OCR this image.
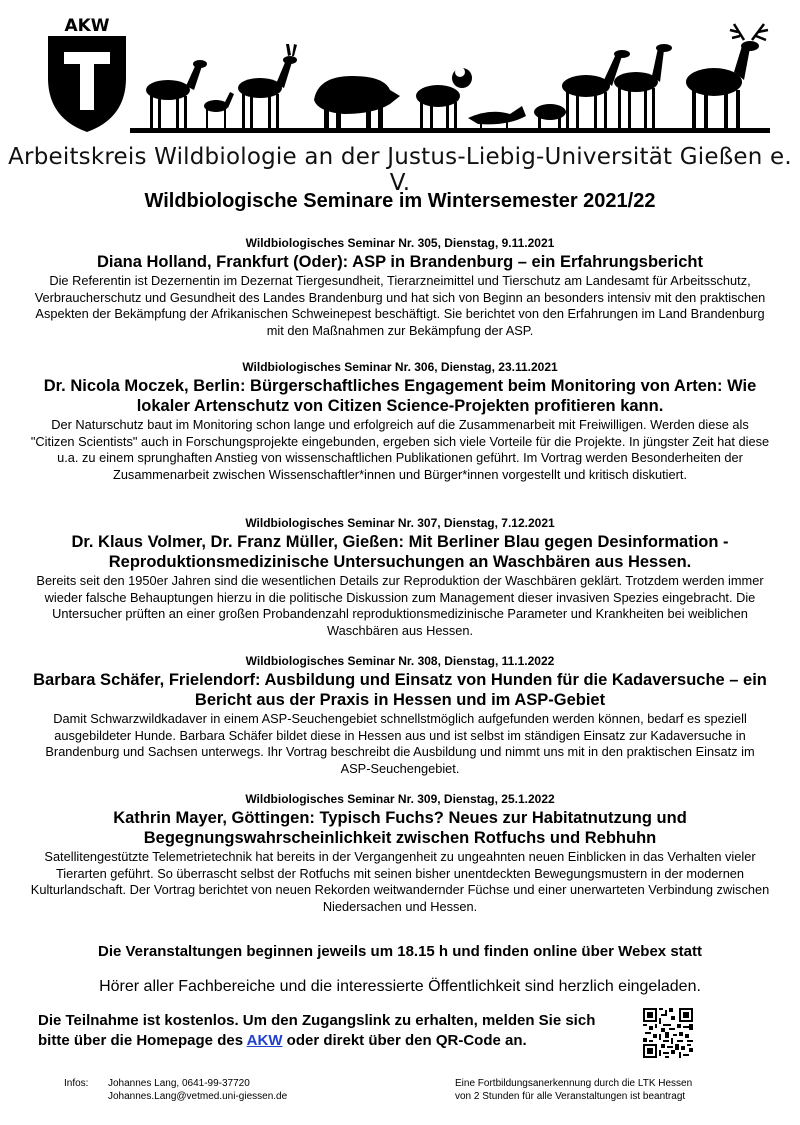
AKW
Arbeitskreis Wildbiologie an der Justus-Liebig-Universität Gießen e. V.
Wildbiologische Seminare im Wintersemester 2021/22
Wildbiologisches Seminar Nr. 305, Dienstag, 9.11.2021
Diana Holland, Frankfurt (Oder): ASP in Brandenburg – ein Erfahrungsbericht
Die Referentin ist Dezernentin im Dezernat Tiergesundheit, Tierarzneimittel und Tierschutz am Landesamt für Arbeitsschutz, Verbraucherschutz und Gesundheit des Landes Brandenburg und hat sich von Beginn an besonders intensiv mit den praktischen Aspekten der Bekämpfung der Afrikanischen Schweinepest beschäftigt. Sie berichtet von den Erfahrungen im Land Brandenburg mit den Maßnahmen zur Bekämpfung der ASP.
Wildbiologisches Seminar Nr. 306, Dienstag, 23.11.2021
Dr. Nicola Moczek, Berlin: Bürgerschaftliches Engagement beim Monitoring von Arten: Wie lokaler Artenschutz von Citizen Science-Projekten profitieren kann.
Der Naturschutz baut im Monitoring schon lange und erfolgreich auf die Zusammenarbeit mit Freiwilligen. Werden diese als "Citizen Scientists" auch in Forschungsprojekte eingebunden, ergeben sich viele Vorteile für die Projekte. In jüngster Zeit hat diese u.a. zu einem sprunghaften Anstieg von wissenschaftlichen Publikationen geführt. Im Vortrag werden Besonderheiten der Zusammenarbeit zwischen Wissenschaftler*innen und Bürger*innen vorgestellt und kritisch diskutiert.
Wildbiologisches Seminar Nr. 307, Dienstag, 7.12.2021
Dr. Klaus Volmer, Dr. Franz Müller, Gießen: Mit Berliner Blau gegen Desinformation - Reproduktionsmedizinische Untersuchungen an Waschbären aus Hessen.
Bereits seit den 1950er Jahren sind die wesentlichen Details zur Reproduktion der Waschbären geklärt. Trotzdem werden immer wieder falsche Behauptungen hierzu in die politische Diskussion zum Management dieser invasiven Spezies eingebracht. Die Untersucher prüften an einer großen Probandenzahl reproduktionsmedizinische Parameter und Krankheiten bei weiblichen Waschbären aus Hessen.
Wildbiologisches Seminar Nr. 308, Dienstag, 11.1.2022
Barbara Schäfer, Frielendorf: Ausbildung und Einsatz von Hunden für die Kadaversuche – ein Bericht aus der Praxis in Hessen und im ASP-Gebiet
Damit Schwarzwildkadaver in einem ASP-Seuchengebiet schnellstmöglich aufgefunden werden können, bedarf es speziell ausgebildeter Hunde. Barbara Schäfer bildet diese in Hessen aus und ist selbst im ständigen Einsatz zur Kadaversuche in Brandenburg und Sachsen unterwegs. Ihr Vortrag beschreibt die Ausbildung und nimmt uns mit in den praktischen Einsatz im ASP-Seuchengebiet.
Wildbiologisches Seminar Nr. 309, Dienstag, 25.1.2022
Kathrin Mayer, Göttingen: Typisch Fuchs? Neues zur Habitatnutzung und Begegnungswahrscheinlichkeit zwischen Rotfuchs und Rebhuhn
Satellitengestützte Telemetrietechnik hat bereits in der Vergangenheit zu ungeahnten neuen Einblicken in das Verhalten vieler Tierarten geführt. So überrascht selbst der Rotfuchs mit seinen bisher unentdeckten Bewegungsmustern in der modernen Kulturlandschaft. Der Vortrag berichtet von neuen Rekorden weitwandernder Füchse und einer unerwarteten Verbindung zwischen Niedersachen und Hessen.
Die Veranstaltungen beginnen jeweils um 18.15 h und finden online über Webex statt
Hörer aller Fachbereiche und die interessierte Öffentlichkeit sind herzlich eingeladen.
Die Teilnahme ist kostenlos. Um den Zugangslink zu erhalten, melden Sie sich bitte über die Homepage des AKW oder direkt über den QR-Code an.
Infos:	Johannes Lang, 0641-99-37720
Johannes.Lang@vetmed.uni-giessen.de
Eine Fortbildungsanerkennung durch die LTK Hessen
von 2 Stunden für alle Veranstaltungen ist beantragt
